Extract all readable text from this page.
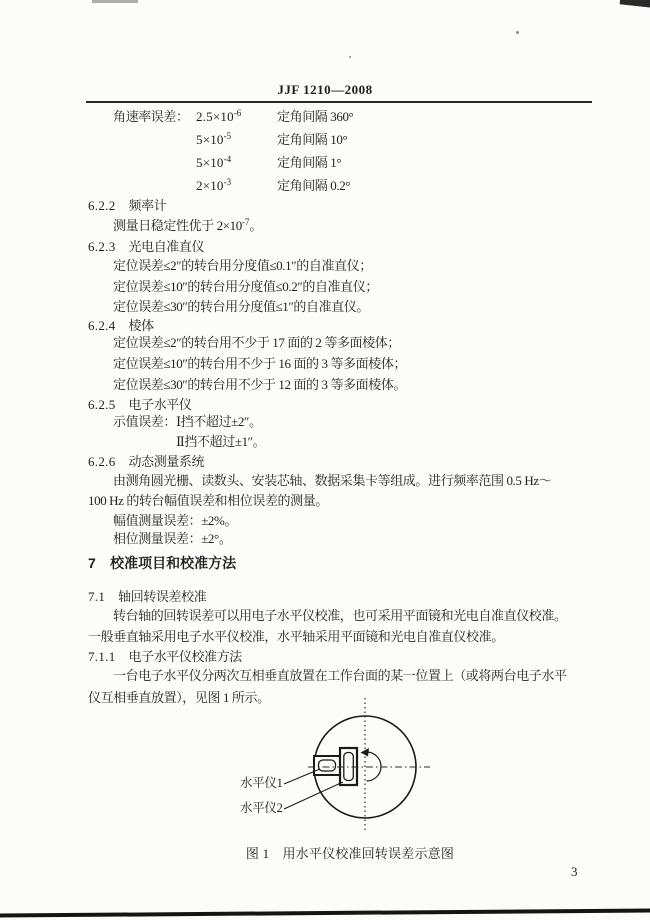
JJF 1210—2008
角速率误差： $2.5\times 10^{-6}$	定角间隔 360°
$5\times 10^{-5}$	定角间隔 10°
$5\times 10^{-4}$	定角间隔 1°
$2\times 10^{-3}$	定角间隔 0.2°
6.2.2 频率计
测量日稳定性优于 $2\times 10^{-7}$。
6.2.3 光电自准直仪
定位误差≤2″的转台用分度值≤0.1″的自准直仪；
定位误差≤10″的转台用分度值≤0.2″的自准直仪；
定位误差≤30″的转台用分度值≤1″的自准直仪。
6.2.4 棱体
定位误差≤2″的转台用不少于 17 面的 2 等多面棱体；
定位误差≤10″的转台用不少于 16 面的 3 等多面棱体；
定位误差≤30″的转台用不少于 12 面的 3 等多面棱体。
6.2.5 电子水平仪
示值误差：Ⅰ挡不超过±2″。
Ⅱ挡不超过±1″。
6.2.6 动态测量系统
由测角圆光栅、读数头、安装芯轴、数据采集卡等组成。进行频率范围 0.5 Hz～
100 Hz 的转台幅值误差和相位误差的测量。
幅值测量误差：±2%。
相位测量误差：±2°。
7 校准项目和校准方法
7.1 轴回转误差校准
转台轴的回转误差可以用电子水平仪校准，也可采用平面镜和光电自准直仪校准。
一般垂直轴采用电子水平仪校准，水平轴采用平面镜和光电自准直仪校准。
7.1.1 电子水平仪校准方法
一台电子水平仪分两次互相垂直放置在工作台面的某一位置上（或将两台电子水平
仪互相垂直放置），见图 1 所示。
水平仪1
水平仪2
图 1　用水平仪校准回转误差示意图
3
